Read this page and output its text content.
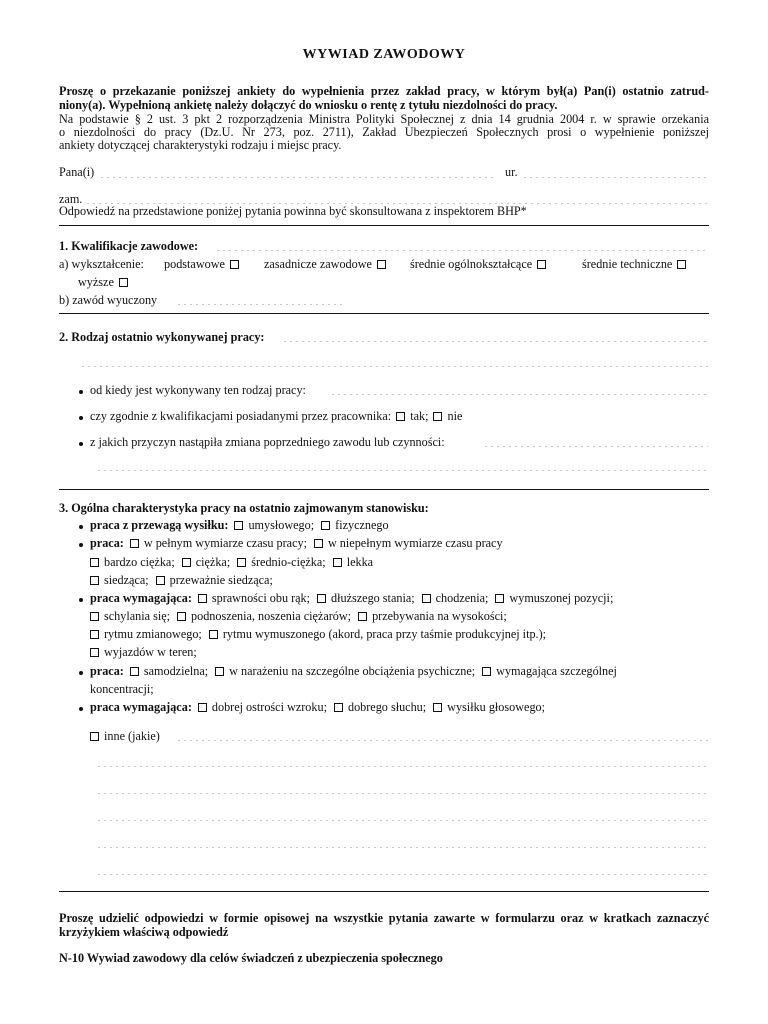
WYWIAD ZAWODOWY
Proszę o przekazanie poniższej ankiety do wypełnienia przez zakład pracy, w którym był(a) Pan(i) ostatnio zatrud-
niony(a). Wypełnioną ankietę należy dołączyć do wniosku o rentę z tytułu niezdolności do pracy.
Na podstawie § 2 ust. 3 pkt 2 rozporządzenia Ministra Polityki Społecznej z dnia 14 grudnia 2004 r. w sprawie orzekania
o niezdolności do pracy (Dz.U. Nr 273, poz. 2711), Zakład Ubezpieczeń Społecznych prosi o wypełnienie poniższej
ankiety dotyczącej charakterystyki rodzaju i miejsc pracy.
Pana(i)	ur.
zam.
Odpowiedź na przedstawione poniżej pytania powinna być skonsultowana z inspektorem BHP*
1. Kwalifikacje zawodowe:
a) wykształcenie: podstawowe	zasadnicze zawodowe	średnie ogólnokształcące	średnie techniczne
wyższe
b) zawód wyuczony
2. Rodzaj ostatnio wykonywanej pracy:
od kiedy jest wykonywany ten rodzaj pracy:
czy zgodnie z kwalifikacjami posiadanymi przez pracownika: tak; nie
z jakich przyczyn nastąpiła zmiana poprzedniego zawodu lub czynności:
3. Ogólna charakterystyka pracy na ostatnio zajmowanym stanowisku:
praca z przewagą wysiłku: umysłowego; fizycznego
praca: w pełnym wymiarze czasu pracy; w niepełnym wymiarze czasu pracy
bardzo ciężka; ciężka; średnio-ciężka; lekka
siedząca; przeważnie siedząca;
praca wymagająca: sprawności obu rąk; dłuższego stania; chodzenia; wymuszonej pozycji;
schylania się; podnoszenia, noszenia ciężarów; przebywania na wysokości;
rytmu zmianowego; rytmu wymuszonego (akord, praca przy taśmie produkcyjnej itp.);
wyjazdów w teren;
praca: samodzielna; w narażeniu na szczególne obciążenia psychiczne; wymagająca szczególnej
koncentracji;
praca wymagająca: dobrej ostrości wzroku; dobrego słuchu; wysiłku głosowego;
inne (jakie)
Proszę udzielić odpowiedzi w formie opisowej na wszystkie pytania zawarte w formularzu oraz w kratkach zaznaczyć
krzyżykiem właściwą odpowiedź
N-10 Wywiad zawodowy dla celów świadczeń z ubezpieczenia społecznego
